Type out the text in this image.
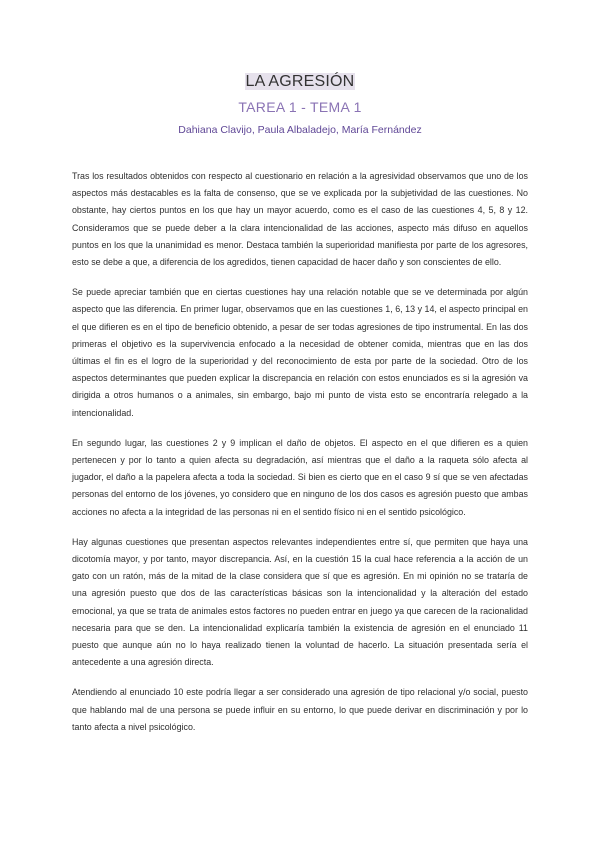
LA AGRESIÓN
TAREA 1 - TEMA 1
Dahiana Clavijo, Paula Albaladejo, María Fernández

Tras los resultados obtenidos con respecto al cuestionario en relación a la agresividad observamos que uno de los aspectos más destacables es la falta de consenso, que se ve explicada por la subjetividad de las cuestiones. No obstante, hay ciertos puntos en los que hay un mayor acuerdo, como es el caso de las cuestiones 4, 5, 8 y 12. Consideramos que se puede deber a la clara intencionalidad de las acciones, aspecto más difuso en aquellos puntos en los que la unanimidad es menor. Destaca también la superioridad manifiesta por parte de los agresores, esto se debe a que, a diferencia de los agredidos, tienen capacidad de hacer daño y son conscientes de ello.

Se puede apreciar también que en ciertas cuestiones hay una relación notable que se ve determinada por algún aspecto que las diferencia. En primer lugar, observamos que en las cuestiones 1, 6, 13 y 14, el aspecto principal en el que difieren es en el tipo de beneficio obtenido, a pesar de ser todas agresiones de tipo instrumental. En las dos primeras el objetivo es la supervivencia enfocado a la necesidad de obtener comida, mientras que en las dos últimas el fin es el logro de la superioridad y del reconocimiento de esta por parte de la sociedad. Otro de los aspectos determinantes que pueden explicar la discrepancia en relación con estos enunciados es si la agresión va dirigida a otros humanos o a animales, sin embargo, bajo mi punto de vista esto se encontraría relegado a la intencionalidad.

En segundo lugar, las cuestiones 2 y 9 implican el daño de objetos. El aspecto en el que difieren es a quien pertenecen y por lo tanto a quien afecta su degradación, así mientras que el daño a la raqueta sólo afecta al jugador, el daño a la papelera afecta a toda la sociedad. Si bien es cierto que en el caso 9 sí que se ven afectadas personas del entorno de los jóvenes, yo considero que en ninguno de los dos casos es agresión puesto que ambas acciones no afecta a la integridad de las personas ni en el sentido físico ni en el sentido psicológico.

Hay algunas cuestiones que presentan aspectos relevantes independientes entre sí, que permiten que haya una dicotomía mayor, y por tanto, mayor discrepancia. Así, en la cuestión 15 la cual hace referencia a la acción de un gato con un ratón, más de la mitad de la clase considera que sí que es agresión. En mi opinión no se trataría de una agresión puesto que dos de las características básicas son la intencionalidad y la alteración del estado emocional, ya que se trata de animales estos factores no pueden entrar en juego ya que carecen de la racionalidad necesaria para que se den. La intencionalidad explicaría también la existencia de agresión en el enunciado 11 puesto que aunque aún no lo haya realizado tienen la voluntad de hacerlo. La situación presentada sería el antecedente a una agresión directa.

Atendiendo al enunciado 10 este podría llegar a ser considerado una agresión de tipo relacional y/o social, puesto que hablando mal de una persona se puede influir en su entorno, lo que puede derivar en discriminación y por lo tanto afecta a nivel psicológico.
